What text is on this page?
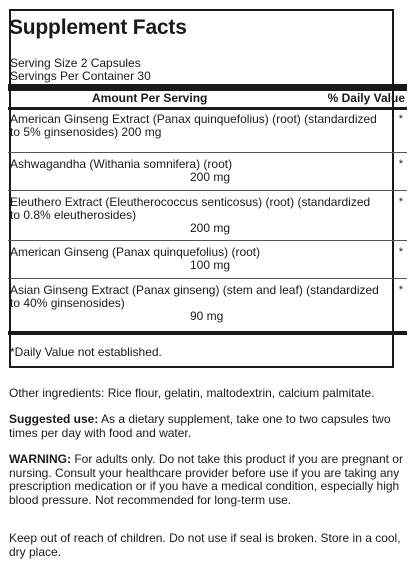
Supplement Facts
Serving Size 2 Capsules
Servings Per Container 30
Amount Per Serving	% Daily Value
American Ginseng Extract (Panax quinquefolius) (root) (standardized to 5% ginsenosides) 200 mg
*
Ashwagandha (Withania somnifera) (root)
200 mg
*
Eleuthero Extract (Eleutherococcus senticosus) (root) (standardized to 0.8% eleutherosides)
200 mg
*
American Ginseng (Panax quinquefolius) (root)
100 mg
*
Asian Ginseng Extract (Panax ginseng) (stem and leaf) (standardized to 40% ginsenosides)
90 mg
*
*Daily Value not established.
Other ingredients: Rice flour, gelatin, maltodextrin, calcium palmitate.
Suggested use: As a dietary supplement, take one to two capsules two times per day with food and water.
WARNING: For adults only. Do not take this product if you are pregnant or nursing. Consult your healthcare provider before use if you are taking any prescription medication or if you have a medical condition, especially high blood pressure. Not recommended for long-term use.
Keep out of reach of children. Do not use if seal is broken. Store in a cool, dry place.
